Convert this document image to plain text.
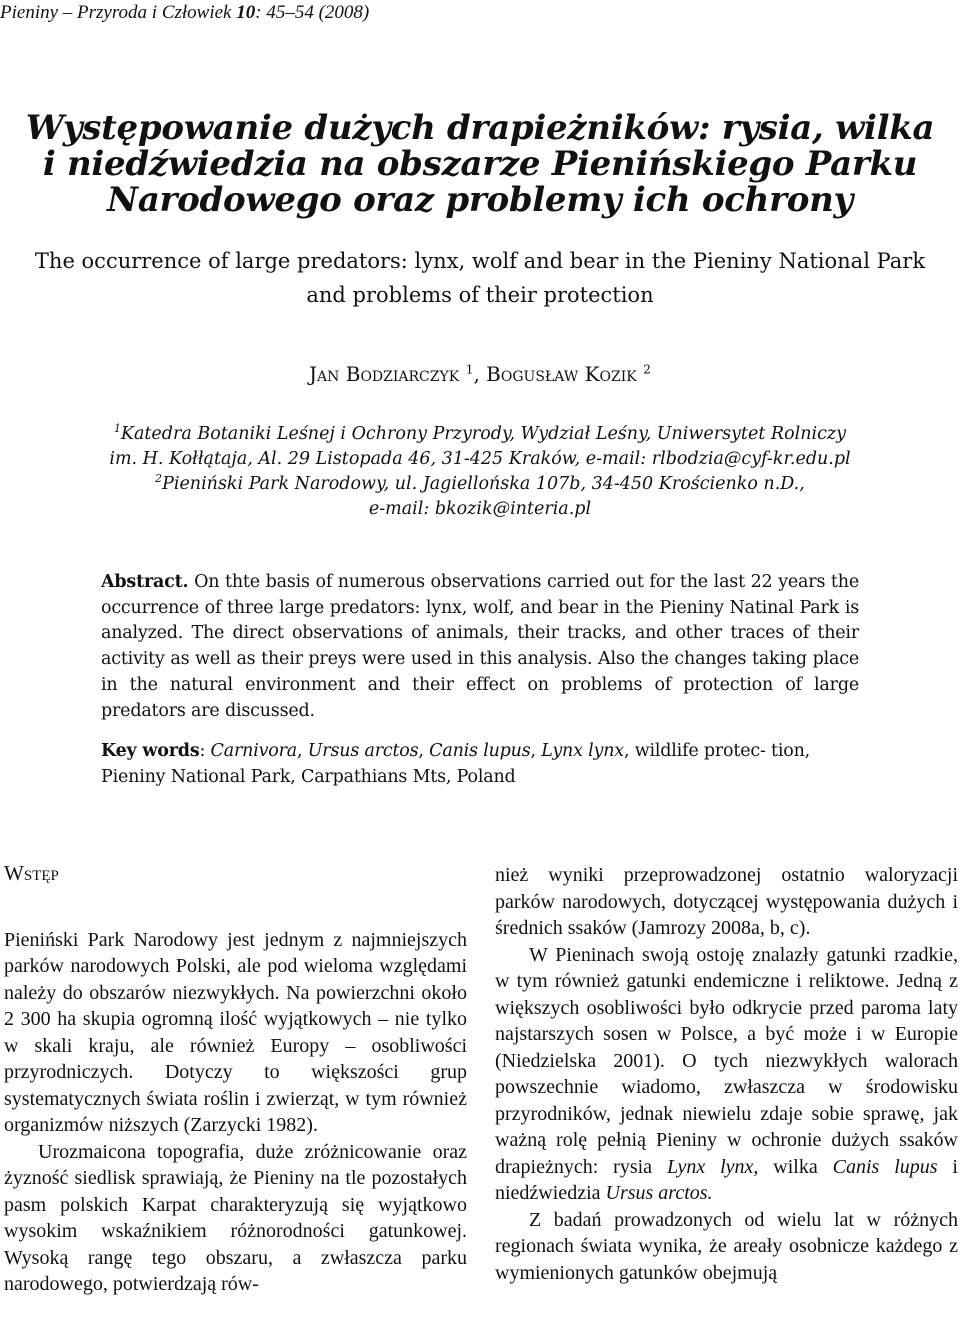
Pieniny – Przyroda i Człowiek 10: 45–54 (2008)
Występowanie dużych drapieżników: rysia, wilka
i niedźwiedzia na obszarze Pienińskiego Parku
Narodowego oraz problemy ich ochrony
The occurrence of large predators: lynx, wolf and bear in the Pieniny National Park
and problems of their protection
Jan Bodziarczyk $^1$, Bogusław Kozik $^2$
$^1$Katedra Botaniki Leśnej i Ochrony Przyrody, Wydział Leśny, Uniwersytet Rolniczy
im. H. Kołłątaja, Al. 29 Listopada 46, 31-425 Kraków, e-mail: rlbodzia@cyf-kr.edu.pl
$^2$Pieniński Park Narodowy, ul. Jagiellońska 107b, 34-450 Krościenko n.D.,
e-mail: bkozik@interia.pl
Abstract. On thte basis of numerous observations carried out for the last 22 years the occurrence of three large predators: lynx, wolf, and bear in the Pieniny Natinal Park is analyzed. The direct observations of animals, their tracks, and other traces of their activity as well as their preys were used in this analysis. Also the changes taking place in the natural environment and their effect on problems of protection of large predators are discussed.
Key words: Carnivora, Ursus arctos, Canis lupus, Lynx lynx, wildlife protec- tion, Pieniny National Park, Carpathians Mts, Poland
Wstęp

Pieniński Park Narodowy jest jednym z najmniejszych parków narodowych Polski, ale pod wieloma względami należy do obszarów niezwykłych. Na powierzchni około 2 300 ha skupia ogromną ilość wyjątkowych – nie tylko w skali kraju, ale również Europy – osobliwości przyrodniczych. Dotyczy to większości grup systematycznych świata roślin i zwierząt, w tym również organizmów niższych (Zarzycki 1982).

Urozmaicona topografia, duże zróżnicowanie oraz żyzność siedlisk sprawiają, że Pieniny na tle pozostałych pasm polskich Karpat charakteryzują się wyjątkowo wysokim wskaźnikiem różnorodności gatunkowej. Wysoką rangę tego obszaru, a zwłaszcza parku narodowego, potwierdzają rów-

nież wyniki przeprowadzonej ostatnio waloryzacji parków narodowych, dotyczącej występowania dużych i średnich ssaków (Jamrozy 2008a, b, c).

W Pieninach swoją ostoję znalazły gatunki rzadkie, w tym również gatunki endemiczne i reliktowe. Jedną z większych osobliwości było odkrycie przed paroma laty najstarszych sosen w Polsce, a być może i w Europie (Niedzielska 2001). O tych niezwykłych walorach powszechnie wiadomo, zwłaszcza w środowisku przyrodników, jednak niewielu zdaje sobie sprawę, jak ważną rolę pełnią Pieniny w ochronie dużych ssaków drapieżnych: rysia Lynx lynx, wilka Canis lupus i niedźwiedzia Ursus arctos.

Z badań prowadzonych od wielu lat w różnych regionach świata wynika, że areały osobnicze każdego z wymienionych gatunków obejmują
